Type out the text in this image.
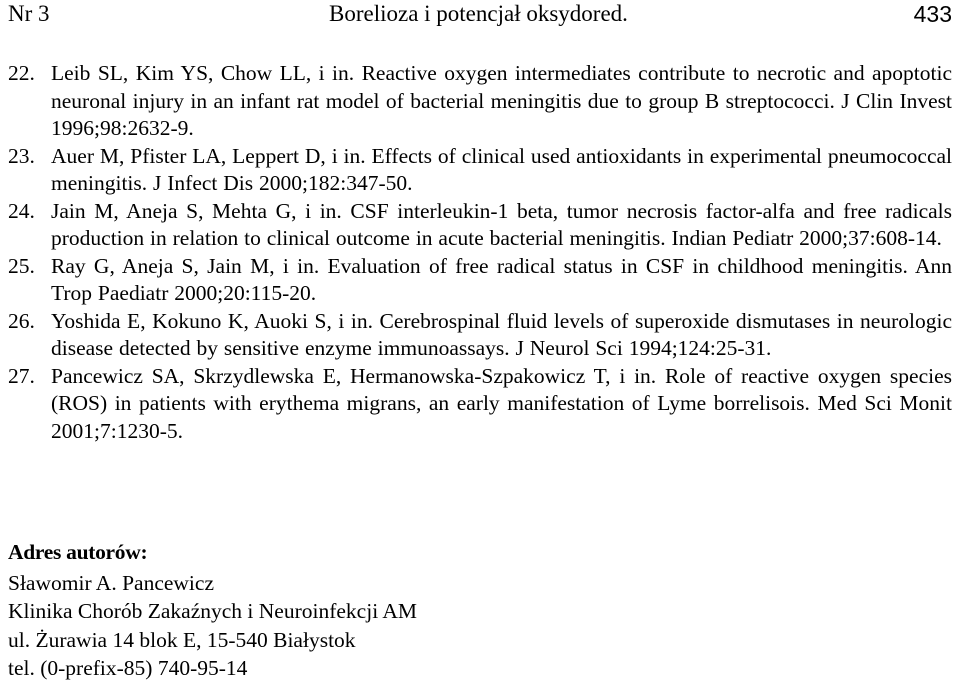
Nr 3	Borelioza i potencjał oksydored.	433
22. Leib SL, Kim YS, Chow LL, i in. Reactive oxygen intermediates contribute to necrotic and apoptotic neuronal injury in an infant rat model of bacterial meningitis due to group B streptococci. J Clin Invest 1996;98:2632-9.
23. Auer M, Pfister LA, Leppert D, i in. Effects of clinical used antioxidants in experimental pneumococcal meningitis. J Infect Dis 2000;182:347-50.
24. Jain M, Aneja S, Mehta G, i in. CSF interleukin-1 beta, tumor necrosis factor-alfa and free radicals production in relation to clinical outcome in acute bacterial meningitis. Indian Pediatr 2000;37:608-14.
25. Ray G, Aneja S, Jain M, i in. Evaluation of free radical status in CSF in childhood meningitis. Ann Trop Paediatr 2000;20:115-20.
26. Yoshida E, Kokuno K, Auoki S, i in. Cerebrospinal fluid levels of superoxide dismutases in neurologic disease detected by sensitive enzyme immunoassays. J Neurol Sci 1994;124:25-31.
27. Pancewicz SA, Skrzydlewska E, Hermanowska-Szpakowicz T, i in. Role of reactive oxygen species (ROS) in patients with erythema migrans, an early manifestation of Lyme borrelisois. Med Sci Monit 2001;7:1230-5.
Adres autorów:
Sławomir A. Pancewicz
Klinika Chorób Zakaźnych i Neuroinfekcji AM
ul. Żurawia 14 blok E, 15-540 Białystok
tel. (0-prefix-85) 740-95-14
